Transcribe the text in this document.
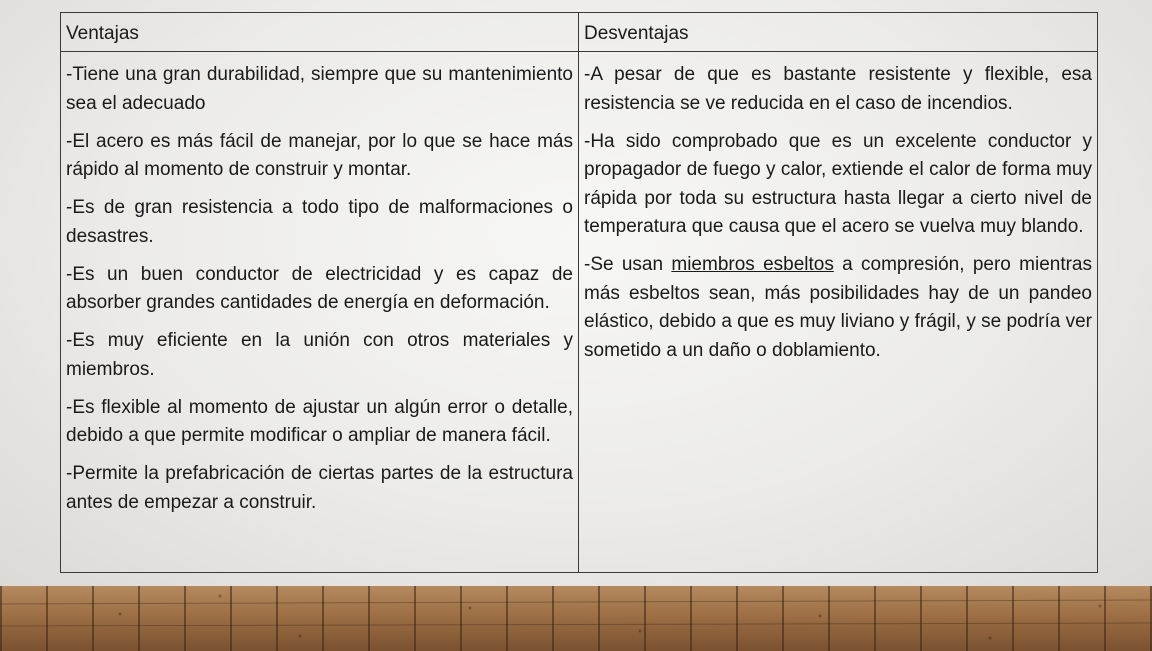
Ventajas	Desventajas

-Tiene una gran durabilidad, siempre que su mantenimiento sea el adecuado

-El acero es más fácil de manejar, por lo que se hace más rápido al momento de construir y montar.

-Es de gran resistencia a todo tipo de malformaciones o desastres.

-Es un buen conductor de electricidad y es capaz de absorber grandes cantidades de energía en deformación.

-Es muy eficiente en la unión con otros materiales y miembros.

-Es flexible al momento de ajustar un algún error o detalle, debido a que permite modificar o ampliar de manera fácil.

-Permite la prefabricación de ciertas partes de la estructura antes de empezar a construir.

-A pesar de que es bastante resistente y flexible, esa resistencia se ve reducida en el caso de incendios.

-Ha sido comprobado que es un excelente conductor y propagador de fuego y calor, extiende el calor de forma muy rápida por toda su estructura hasta llegar a cierto nivel de temperatura que causa que el acero se vuelva muy blando.

-Se usan miembros esbeltos a compresión, pero mientras más esbeltos sean, más posibilidades hay de un pandeo elástico, debido a que es muy liviano y frágil, y se podría ver sometido a un daño o doblamiento.
